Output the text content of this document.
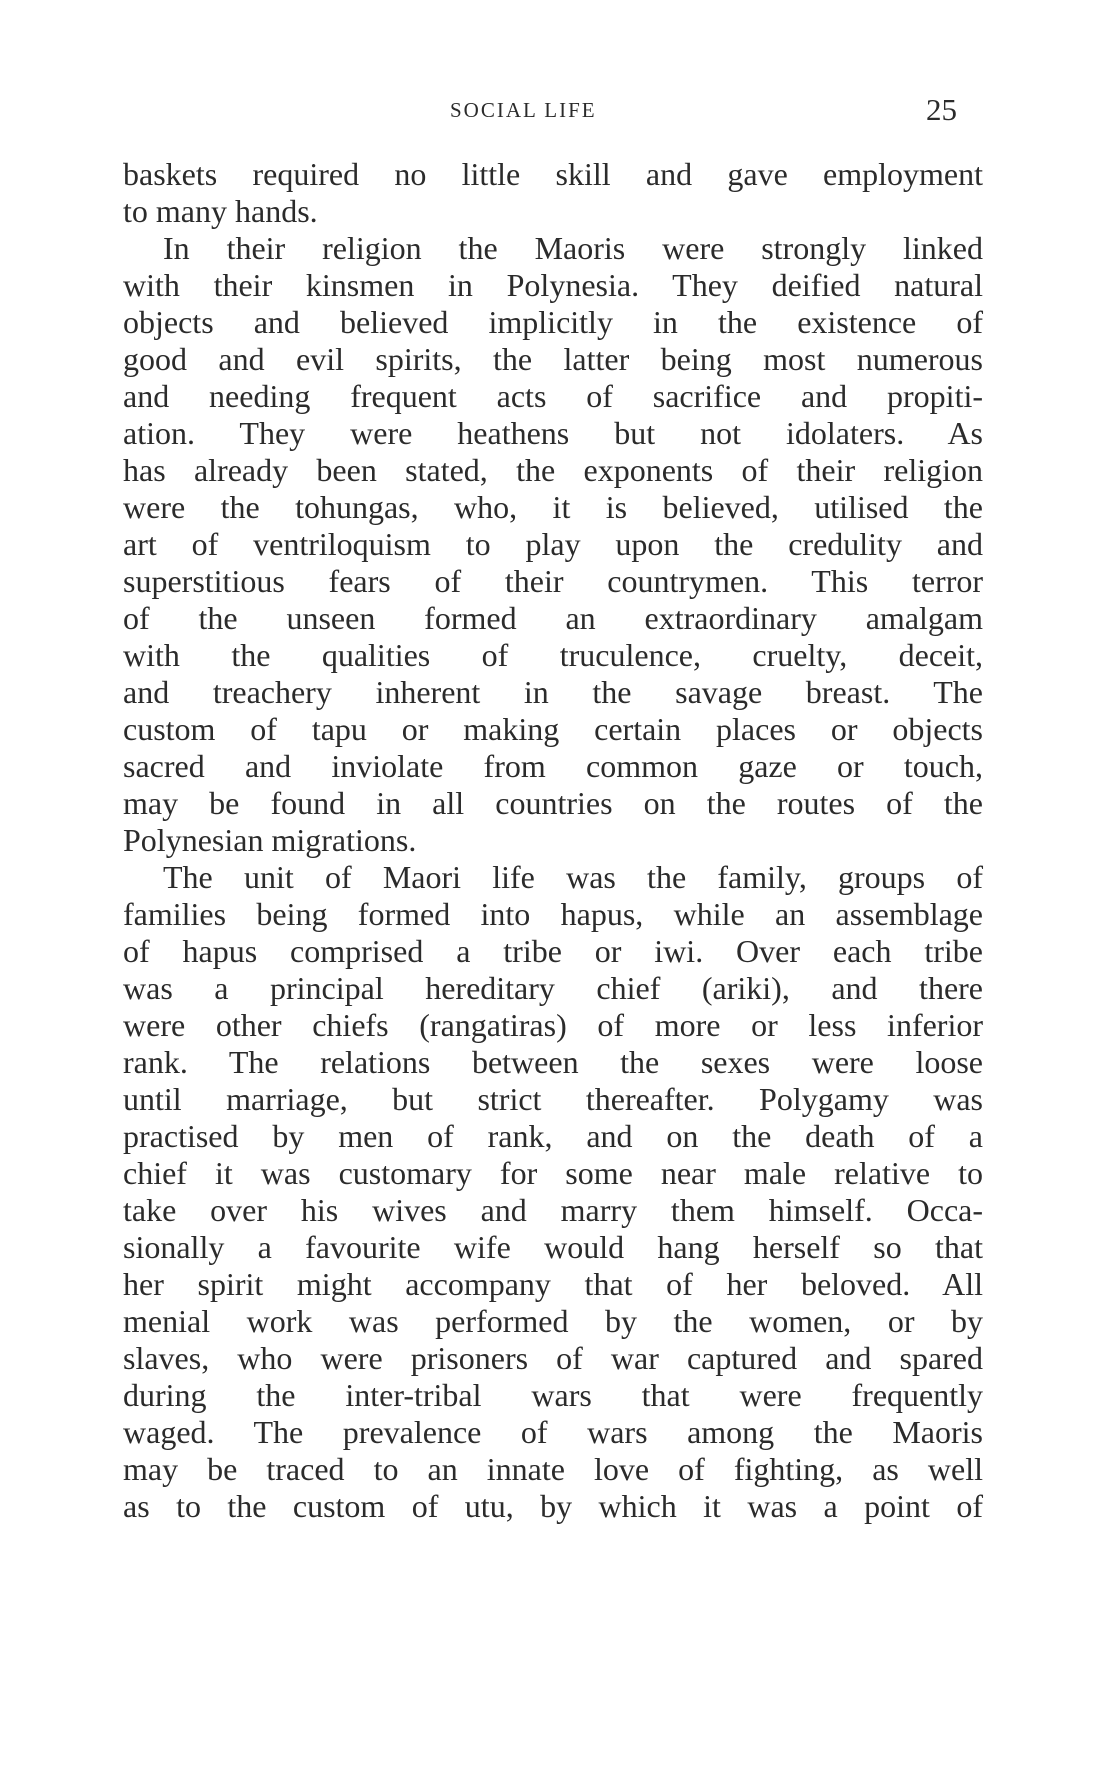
SOCIAL LIFE	25
baskets required no little skill and gave employment
to many hands.
In their religion the Maoris were strongly linked
with their kinsmen in Polynesia. They deified natural
objects and believed implicitly in the existence of
good and evil spirits, the latter being most numerous
and needing frequent acts of sacrifice and propiti-
ation. They were heathens but not idolaters. As
has already been stated, the exponents of their religion
were the tohungas, who, it is believed, utilised the
art of ventriloquism to play upon the credulity and
superstitious fears of their countrymen. This terror
of the unseen formed an extraordinary amalgam
with the qualities of truculence, cruelty, deceit,
and treachery inherent in the savage breast. The
custom of tapu or making certain places or objects
sacred and inviolate from common gaze or touch,
may be found in all countries on the routes of the
Polynesian migrations.
The unit of Maori life was the family, groups of
families being formed into hapus, while an assemblage
of hapus comprised a tribe or iwi. Over each tribe
was a principal hereditary chief (ariki), and there
were other chiefs (rangatiras) of more or less inferior
rank. The relations between the sexes were loose
until marriage, but strict thereafter. Polygamy was
practised by men of rank, and on the death of a
chief it was customary for some near male relative to
take over his wives and marry them himself. Occa-
sionally a favourite wife would hang herself so that
her spirit might accompany that of her beloved. All
menial work was performed by the women, or by
slaves, who were prisoners of war captured and spared
during the inter-tribal wars that were frequently
waged. The prevalence of wars among the Maoris
may be traced to an innate love of fighting, as well
as to the custom of utu, by which it was a point of
